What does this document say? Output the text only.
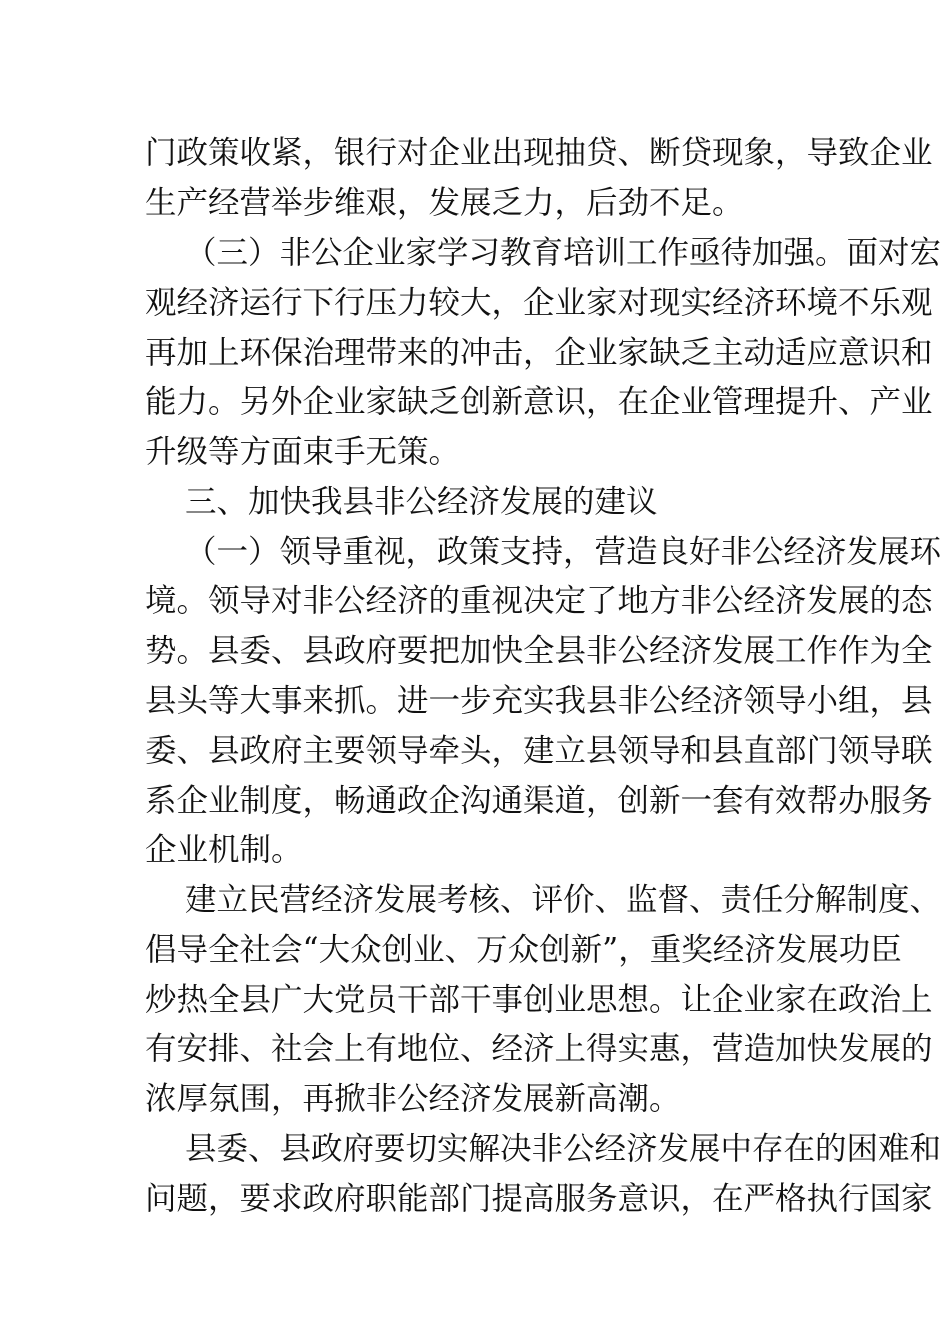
门政策收紧，银行对企业出现抽贷、断贷现象，导致企业

生产经营举步维艰，发展乏力，后劲不足。

（三）非公企业家学习教育培训工作亟待加强。面对宏

观经济运行下行压力较大，企业家对现实经济环境不乐观

再加上环保治理带来的冲击，企业家缺乏主动适应意识和

能力。另外企业家缺乏创新意识，在企业管理提升、产业

升级等方面束手无策。

三、加快我县非公经济发展的建议

（一）领导重视，政策支持，营造良好非公经济发展环

境。领导对非公经济的重视决定了地方非公经济发展的态

势。县委、县政府要把加快全县非公经济发展工作作为全

县头等大事来抓。进一步充实我县非公经济领导小组，县

委、县政府主要领导牵头，建立县领导和县直部门领导联

系企业制度，畅通政企沟通渠道，创新一套有效帮办服务

企业机制。

建立民营经济发展考核、评价、监督、责任分解制度、

倡导全社会“大众创业、万众创新”，重奖经济发展功臣

炒热全县广大党员干部干事创业思想。让企业家在政治上

有安排、社会上有地位、经济上得实惠，营造加快发展的

浓厚氛围，再掀非公经济发展新高潮。

县委、县政府要切实解决非公经济发展中存在的困难和

问题，要求政府职能部门提高服务意识，在严格执行国家
